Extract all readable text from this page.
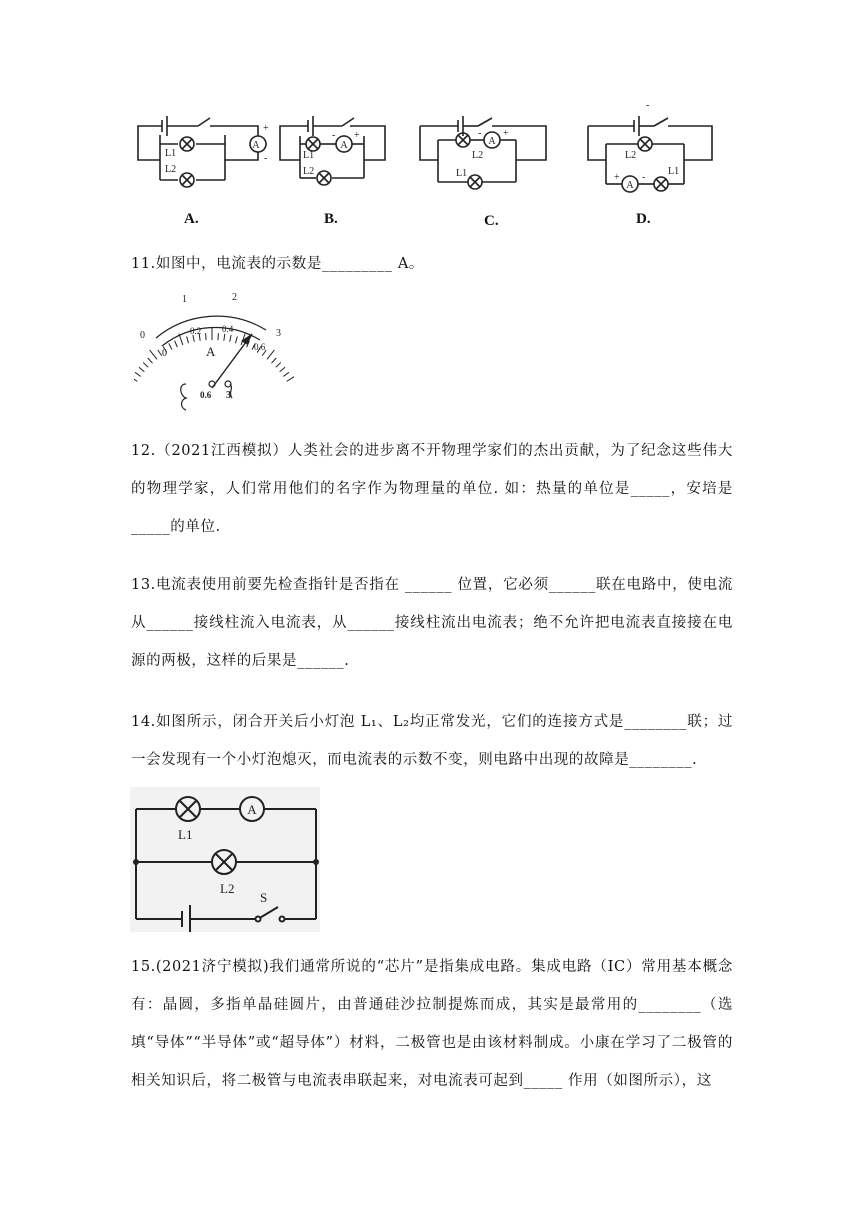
A
+
-
L1
L2
A
- +
L1
L2
A
- +
L2
L1
A
+ -
-
L2
L1
A.	B.	C.	D.

11.如图中，电流表的示数是_________ A。

0
1	2
3
0
0.2 0.4
0.6
A
0.6 3

12.（2021江西模拟）人类社会的进步离不开物理学家们的杰出贡献，为了纪念这些伟大的物理学家，人们常用他们的名字作为物理量的单位. 如：热量的单位是_____，安培是_____的单位.

13.电流表使用前要先检查指针是否指在 ______ 位置，它必须______联在电路中，使电流从______接线柱流入电流表，从______接线柱流出电流表；绝不允许把电流表直接接在电源的两极，这样的后果是______.

14.如图所示，闭合开关后小灯泡 L₁、L₂均正常发光，它们的连接方式是________联；过一会发现有一个小灯泡熄灭，而电流表的示数不变，则电路中出现的故障是________.

A
L1
L2
S

15.(2021济宁模拟)我们通常所说的“芯片”是指集成电路。集成电路（IC）常用基本概念有：晶圆，多指单晶硅圆片，由普通硅沙拉制提炼而成，其实是最常用的________（选填“导体”“半导体”或“超导体”）材料，二极管也是由该材料制成。小康在学习了二极管的相关知识后，将二极管与电流表串联起来，对电流表可起到_____ 作用（如图所示），这
